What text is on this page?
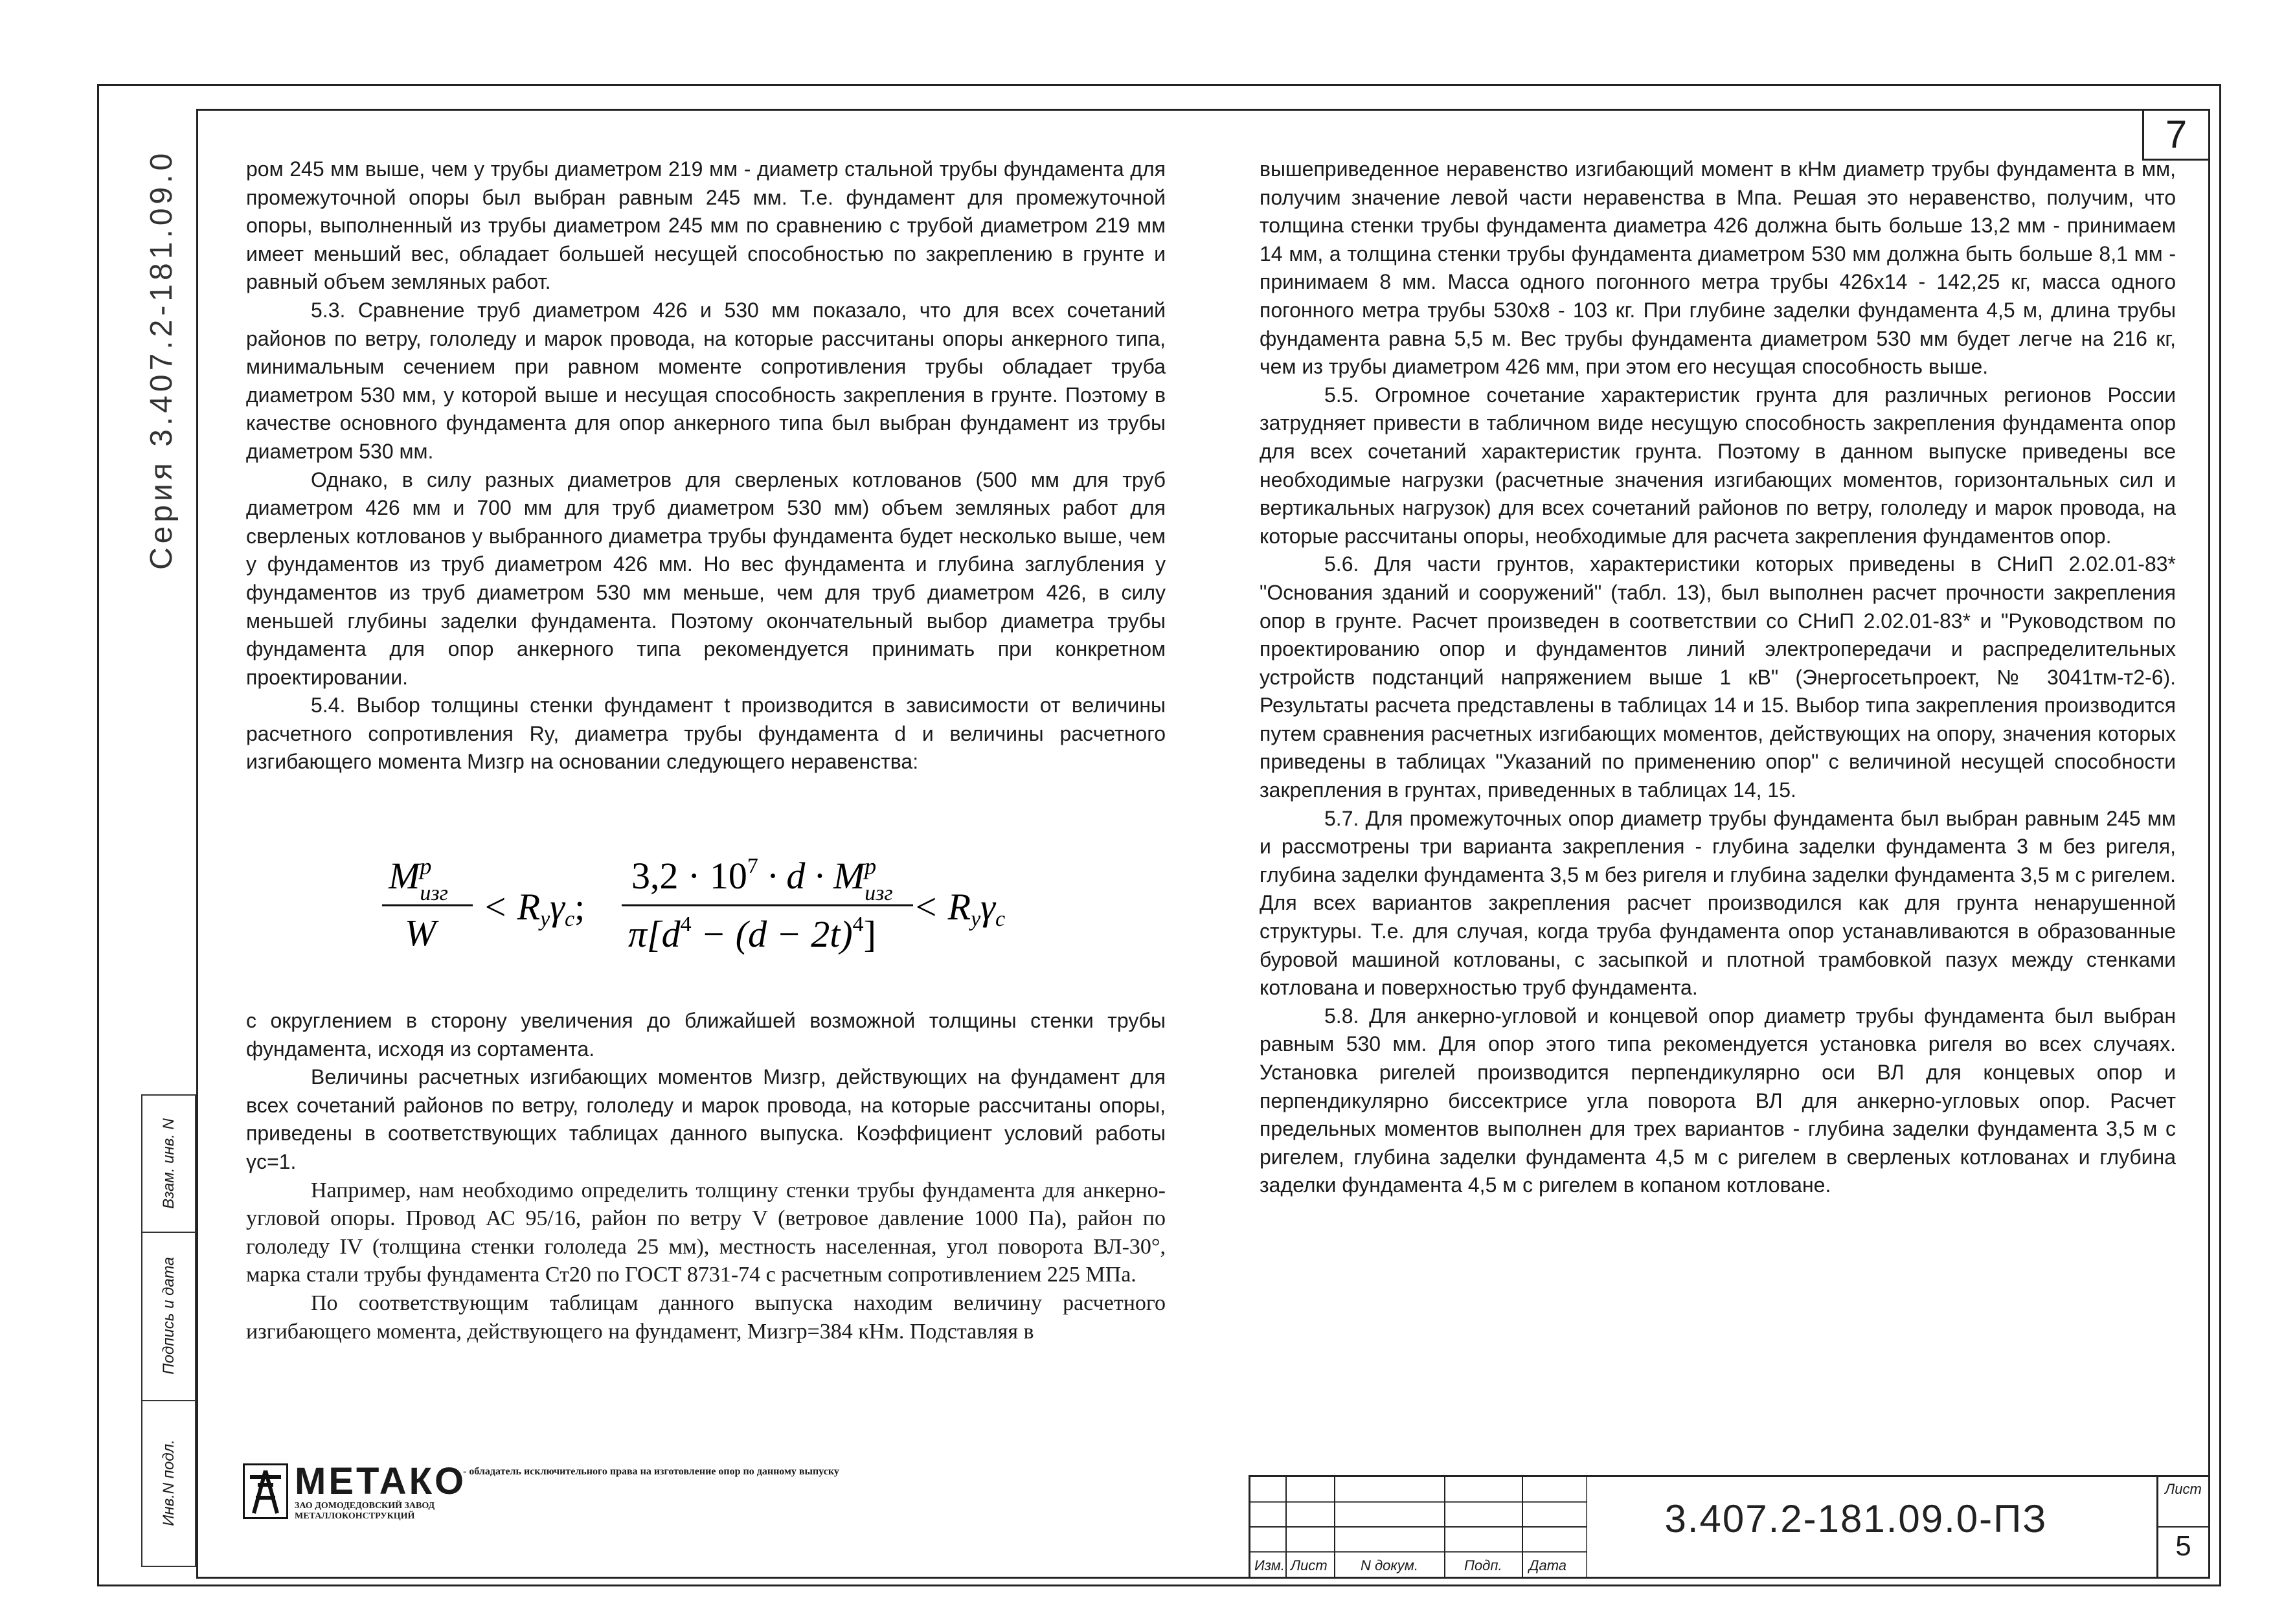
7
Серия 3.407.2-181.09.0	ром 245 мм выше, чем у трубы диаметром 219 мм - диаметр стальной трубы фундамента для промежуточной опоры был выбран равным 245 мм. Т.е. фундамент для промежуточной опоры, выполненный из трубы диаметром 245 мм по сравнению с трубой диаметром 219 мм имеет меньший вес, обладает большей несущей способностью по закреплению в грунте и равный объем земляных работ.

5.3. Сравнение труб диаметром 426 и 530 мм показало, что для всех сочетаний районов по ветру, гололеду и марок провода, на которые рассчитаны опоры анкерного типа, минимальным сечением при равном моменте сопротивления трубы обладает труба диаметром 530 мм, у которой выше и несущая способность закрепления в грунте. Поэтому в качестве основного фундамента для опор анкерного типа был выбран фундамент из трубы диаметром 530 мм.

Однако, в силу разных диаметров для сверленых котлованов (500 мм для труб диаметром 426 мм и 700 мм для труб диаметром 530 мм) объем земляных работ для сверленых котлованов у выбранного диаметра трубы фундамента будет несколько выше, чем у фундаментов из труб диаметром 426 мм. Но вес фундамента и глубина заглубления у фундаментов из труб диаметром 530 мм меньше, чем для труб диаметром 426, в силу меньшей глубины заделки фундамента. Поэтому окончательный выбор диаметра трубы фундамента для опор анкерного типа рекомендуется принимать при конкретном проектировании.

5.4. Выбор толщины стенки фундамент t производится в зависимости от величины расчетного сопротивления Ry, диаметра трубы фундамента d и величины расчетного изгибающего момента Mизгp на основании следующего неравенства:

$M^p$ изг
W
< Ryγc;
$3,2 \cdot 10^7 \cdot d \cdot M^p$ изг
$\pi[d^4 - (d - 2t)^4]$
< Ryγc

с округлением в сторону увеличения до ближайшей возможной толщины стенки трубы фундамента, исходя из сортамента.

Величины расчетных изгибающих моментов Mизгp, действующих на фундамент для всех сочетаний районов по ветру, гололеду и марок провода, на которые рассчитаны опоры, приведены в соответствующих таблицах данного выпуска. Коэффициент условий работы γc=1.

Например, нам необходимо определить толщину стенки трубы фундамента для анкерно-угловой опоры. Провод АС 95/16, район по ветру V (ветровое давление 1000 Па), район по гололеду IV (толщина стенки гололеда 25 мм), местность населенная, угол поворота ВЛ-30°, марка стали трубы фундамента Ст20 по ГОСТ 8731-74 с расчетным сопротивлением 225 МПа.

По соответствующим таблицам данного выпуска находим величину расчетного изгибающего момента, действующего на фундамент, Mизгp=384 кНм. Подставляя в

вышеприведенное неравенство изгибающий момент в кНм диаметр трубы фундамента в мм, получим значение левой части неравенства в Мпа. Решая это неравенство, получим, что толщина стенки трубы фундамента диаметра 426 должна быть больше 13,2 мм - принимаем 14 мм, а толщина стенки трубы фундамента диаметром 530 мм должна быть больше 8,1 мм - принимаем 8 мм. Масса одного погонного метра трубы 426х14 - 142,25 кг, масса одного погонного метра трубы 530х8 - 103 кг. При глубине заделки фундамента 4,5 м, длина трубы фундамента равна 5,5 м. Вес трубы фундамента диаметром 530 мм будет легче на 216 кг, чем из трубы диаметром 426 мм, при этом его несущая способность выше.

5.5. Огромное сочетание характеристик грунта для различных регионов России затрудняет привести в табличном виде несущую способность закрепления фундамента опор для всех сочетаний характеристик грунта. Поэтому в данном выпуске приведены все необходимые нагрузки (расчетные значения изгибающих моментов, горизонтальных сил и вертикальных нагрузок) для всех сочетаний районов по ветру, гололеду и марок провода, на которые рассчитаны опоры, необходимые для расчета закрепления фундаментов опор.

5.6. Для части грунтов, характеристики которых приведены в СНиП 2.02.01-83* "Основания зданий и сооружений" (табл. 13), был выполнен расчет прочности закрепления опор в грунте. Расчет произведен в соответствии со СНиП 2.02.01-83* и "Руководством по проектированию опор и фундаментов линий электропередачи и распределительных устройств подстанций напряжением выше 1 кВ" (Энергосетьпроект, № 3041тм-т2-6). Результаты расчета представлены в таблицах 14 и 15. Выбор типа закрепления производится путем сравнения расчетных изгибающих моментов, действующих на опору, значения которых приведены в таблицах "Указаний по применению опор" с величиной несущей способности закрепления в грунтах, приведенных в таблицах 14, 15.

5.7. Для промежуточных опор диаметр трубы фундамента был выбран равным 245 мм и рассмотрены три варианта закрепления - глубина заделки фундамента 3 м без ригеля, глубина заделки фундамента 3,5 м без ригеля и глубина заделки фундамента 3,5 м с ригелем. Для всех вариантов закрепления расчет производился как для грунта ненарушенной структуры. Т.е. для случая, когда труба фундамента опор устанавливаются в образованные буровой машиной котлованы, с засыпкой и плотной трамбовкой пазух между стенками котлована и поверхностью труб фундамента.

5.8. Для анкерно-угловой и концевой опор диаметр трубы фундамента был выбран равным 530 мм. Для опор этого типа рекомендуется установка ригеля во всех случаях. Установка ригелей производится перпендикулярно оси ВЛ для концевых опор и перпендикулярно биссектрисе угла поворота ВЛ для анкерно-угловых опор. Расчет предельных моментов выполнен для трех вариантов - глубина заделки фундамента 3,5 м с ригелем, глубина заделки фундамента 4,5 м с ригелем в сверленых котлованах и глубина заделки фундамента 4,5 м с ригелем в копаном котловане.

Взам. инв. N
Подпись и дата
Инв.N подл.	МЕТАКО
ЗАО ДОМОДЕДОВСКИЙ ЗАВОД
МЕТАЛЛОКОНСТРУКЦИЙ
- обладатель исключительного права на изготовление опор по данному выпуску
Изм. Лист N докум.	Подп. Дата
3.407.2-181.09.0-ПЗ
Лист
5
